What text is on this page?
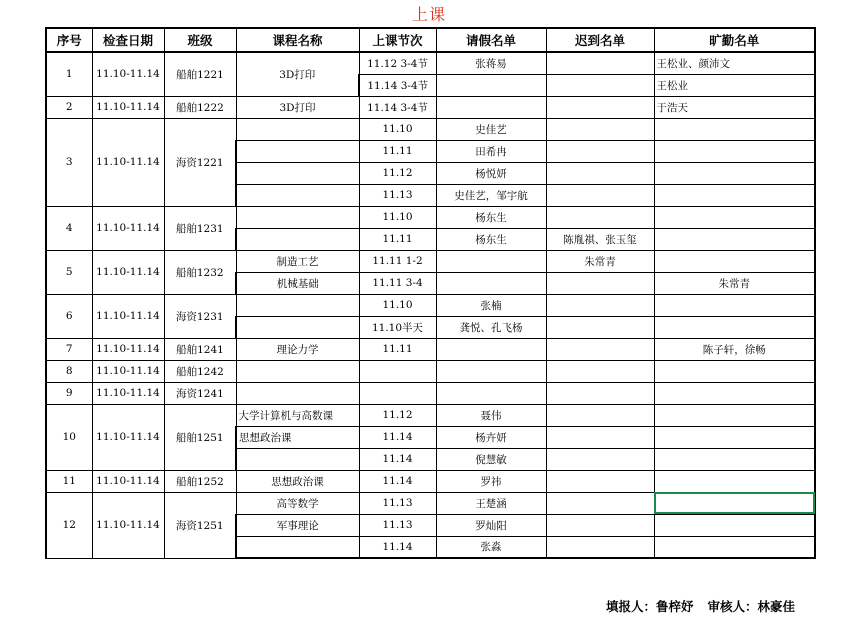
上课
序号	检查日期	班级	课程名称	上课节次	请假名单	迟到名单	旷勤名单
1	11.10-11.14	船舶1221	3D打印	11.12 3-4节	张蒋易		王松业、颜沛文
				11.14 3-4节			王松业
2	11.10-11.14	船舶1222	3D打印	11.14 3-4节			于浩天
3	11.10-11.14	海资1221		11.10	史佳艺		
				11.11	田希冉		
				11.12	杨悦妍		
				11.13	史佳艺，邹宇航		
4	11.10-11.14	船舶1231		11.10	杨东生		
				11.11	杨东生	陈胤祺、张玉玺	
5	11.10-11.14	船舶1232	制造工艺	11.11 1-2		朱常青	
			机械基础	11.11 3-4			朱常青
6	11.10-11.14	海资1231		11.10	张楠		
				11.10半天	龚悦、孔飞杨		
7	11.10-11.14	船舶1241	理论力学	11.11			陈子轩，徐畅
8	11.10-11.14	船舶1242					
9	11.10-11.14	海资1241					
10	11.10-11.14	船舶1251	大学计算机与高数课	11.12	聂伟		
			思想政治课	11.14	杨卉妍		
				11.14	倪慧敏		
11	11.10-11.14	船舶1252	思想政治课	11.14	罗祎		
12	11.10-11.14	海资1251	高等数学	11.13	王楚涵		
			军事理论	11.13	罗灿阳		
				11.14	张淼		
填报人：鲁梓妤 审核人：林豪佳
